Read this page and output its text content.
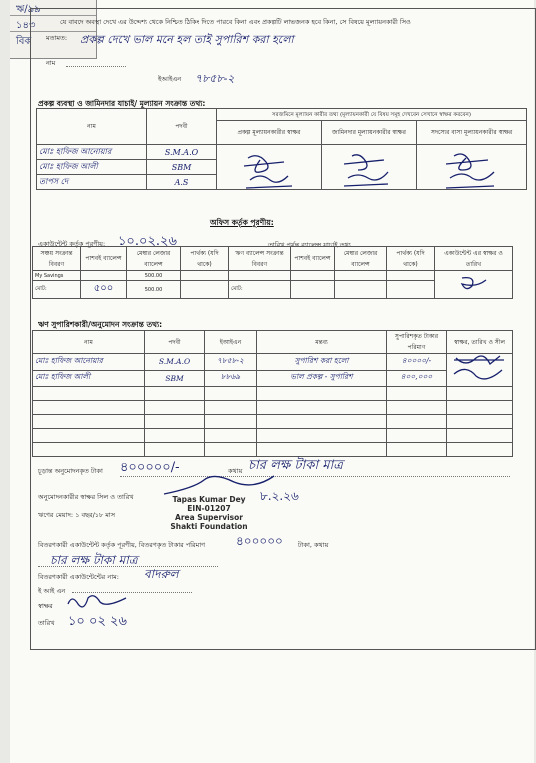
ঋ/৯৯
১৪৩
বিক
যে বাবদে অবস্থা দেখে এর উদ্দেশ্য থেকে নিশ্চিত ঠিকিং দিতে পারবে কিনা এবং প্রকল্পটি লাভজনক হবে কিনা, সে বিষয়ে মূল্যায়নকারী সিও
মতামত: প্রকল্প দেখে ভাল মনে হল তাই সুপারিশ করা হলো
নাম
ইআইএন ৭৮৫৮-২
প্রকল্প ব্যবস্থা ও জামিনদার যাচাই/ মূল্যায়ন সংক্রান্ত তথ্য:
নাম	পদবী	সরজমিনে মূল্যায়ন কারীর তথ্য (মূল্যায়নকারী যে বিষয় সমূহ দেখবেন সেখানে স্বাক্ষর করবেন)		
		প্রকল্প মূল্যায়নকারীর স্বাক্ষর	জামিনদার মূল্যায়নকারীর স্বাক্ষর	সদস্যের বাসা মূল্যায়নকারীর স্বাক্ষর
মোঃ হাফিজ আনোয়ার	S.M.A.O			
মোঃ হাফিজ আলী	SBM			
তাপস দে	A.S			
অফিস কর্তৃক পূরণীয়:
একাউন্টেন্ট কর্তৃক পূরণীয়: ১০.০২.২৬	তারিখ পর্যন্ত ব্যালেন্স যাচাই তথ্য
সঞ্চয় সংক্রান্ত বিবরণ	পাশবই ব্যালেন্স	মেম্বার লেজার ব্যালেন্স	পার্থক্য (যদি থাকে)	ঋণ ব্যালেন্স সংক্রান্ত বিবরণ	পাশবই ব্যালেন্স	মেম্বার লেজার ব্যালেন্স	পার্থক্য (যদি থাকে)	একাউন্টেন্ট এর স্বাক্ষর ও তারিখ
My Savings		500.00						
মোট:	৫০০	500.00		মোট:				
ঋণ সুপারিশকারী/অনুমোদন সংক্রান্ত তথ্য:
নাম	পদবী	ইআইএন	মন্তব্য	সুপারিশকৃত টাকার পরিমাণ	স্বাক্ষর, তারিখ ও সীল
মোঃ হাফিজ আনোয়ার	S.M.A.O	৭৮৫৮-২	সুপারিশ করা হলো	৪০০০০/-	
মোঃ হাফিজ আলী	SBM	৮৮৬৯	ভাল প্রকল্প - সুপারিশ	৪০০,০০০	

চূড়ান্ত অনুমোদনকৃত টাকা ৪০০০০০/-	কথায় চার লক্ষ টাকা মাত্র
অনুমোদনকারীর স্বাক্ষর সিল ও তারিখ	Tapas Kumar Dey
EIN-01207
Area Supervisor
Shakti Foundation
৮.২.২৬
ঋণের মেয়াদ: ১ বছর/১৮ মাস
বিতরণকারী একাউন্টেন্ট কর্তৃক পূরণীয়, বিতরণকৃত টাকার পরিমাণ	৪০০০০০ টাকা, কথায়
চার লক্ষ টাকা মাত্র
বিতরণকারী একাউন্টেন্টের নাম: বাদরুল
ই আই এন
স্বাক্ষর
তারিখ ১০ ০২ ২৬
